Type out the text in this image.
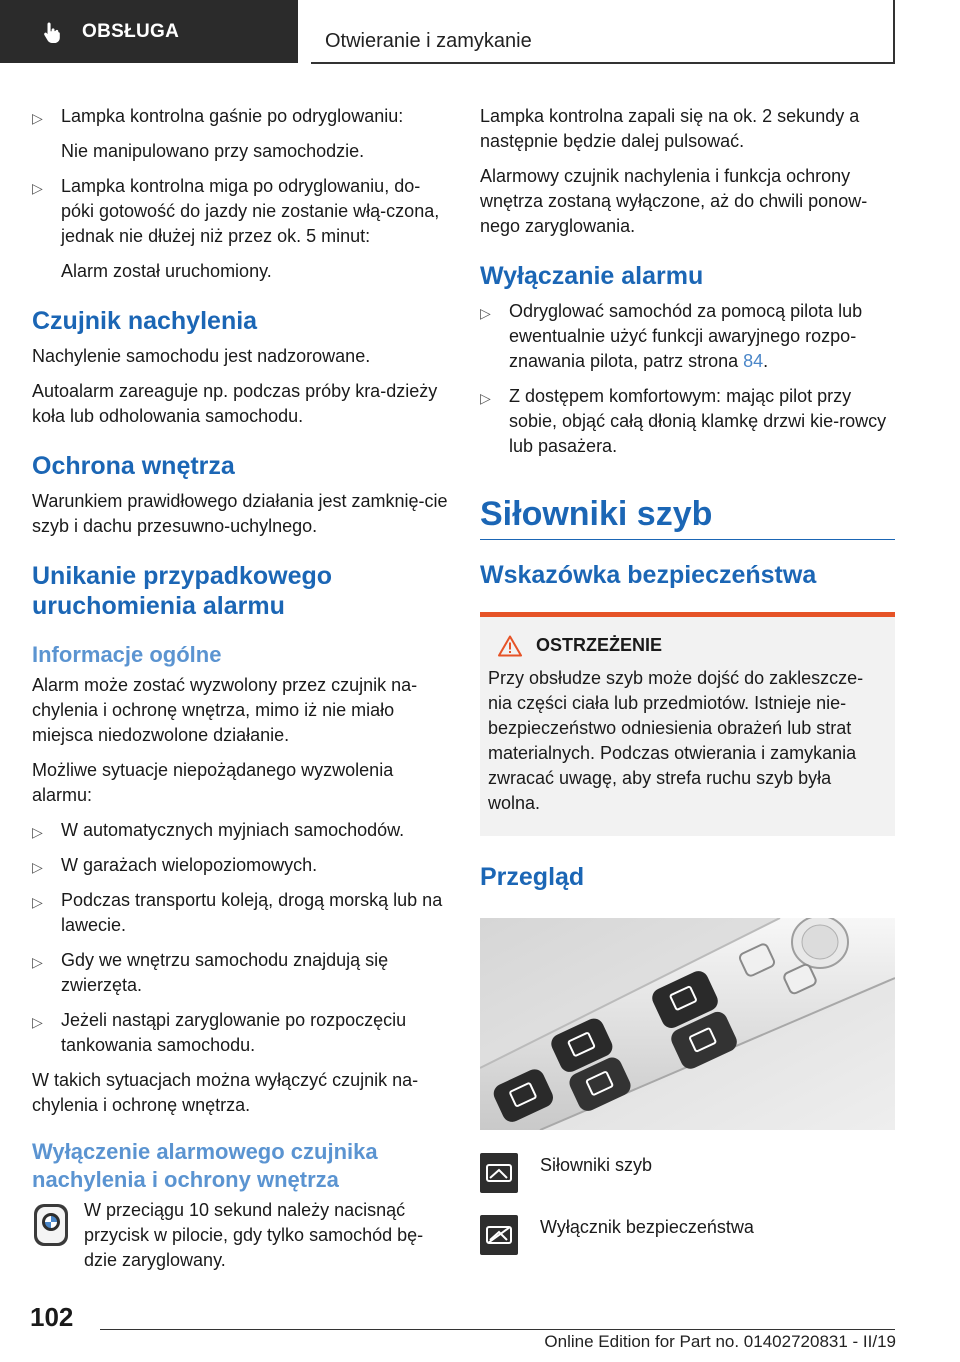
OBSŁUGA	Otwieranie i zamykanie
▷ Lampka kontrolna gaśnie po odryglowaniu:
Nie manipulowano przy samochodzie.
▷ Lampka kontrolna miga po odryglowaniu, do-póki gotowość do jazdy nie zostanie włą-czona, jednak nie dłużej niż przez ok. 5 minut:
Alarm został uruchomiony.
Czujnik nachylenia

Nachylenie samochodu jest nadzorowane.

Autoalarm zareaguje np. podczas próby kra-dzieży koła lub odholowania samochodu.

Ochrona wnętrza

Warunkiem prawidłowego działania jest zamknię-cie szyb i dachu przesuwno-uchylnego.

Unikanie przypadkowego uruchomienia alarmu
Informacje ogólne

Alarm może zostać wyzwolony przez czujnik na-chylenia i ochronę wnętrza, mimo iż nie miało miejsca niedozwolone działanie.

Możliwe sytuacje niepożądanego wyzwolenia alarmu:

▷ W automatycznych myjniach samochodów.
▷ W garażach wielopoziomowych.
▷ Podczas transportu koleją, drogą morską lub na lawecie.
▷ Gdy we wnętrzu samochodu znajdują się zwierzęta.
▷ Jeżeli nastąpi zaryglowanie po rozpoczęciu tankowania samochodu.

W takich sytuacjach można wyłączyć czujnik na-chylenia i ochronę wnętrza.

Wyłączenie alarmowego czujnika nachylenia i ochrony wnętrza
W przeciągu 10 sekund należy nacisnąć przycisk w pilocie, gdy tylko samochód bę-dzie zaryglowany.

Lampka kontrolna zapali się na ok. 2 sekundy a następnie będzie dalej pulsować.

Alarmowy czujnik nachylenia i funkcja ochrony wnętrza zostaną wyłączone, aż do chwili ponow-nego zaryglowania.

Wyłączanie alarmu
▷ Odryglować samochód za pomocą pilota lub ewentualnie użyć funkcji awaryjnego rozpo-znawania pilota, patrz strona 84.
▷ Z dostępem komfortowym: mając pilot przy sobie, objąć całą dłonią klamkę drzwi kie-rowcy lub pasażera.
Siłowniki szyb
Wskazówka bezpieczeństwa
OSTRZEŻENIE

Przy obsłudze szyb może dojść do zakleszcze-nia części ciała lub przedmiotów. Istnieje nie-bezpieczeństwo odniesienia obrażeń lub strat materialnych. Podczas otwierania i zamykania zwracać uwagę, aby strefa ruchu szyb była wolna.

Przegląd
Siłowniki szyb
Wyłącznik bezpieczeństwa
102
Online Edition for Part no. 01402720831 - II/19
